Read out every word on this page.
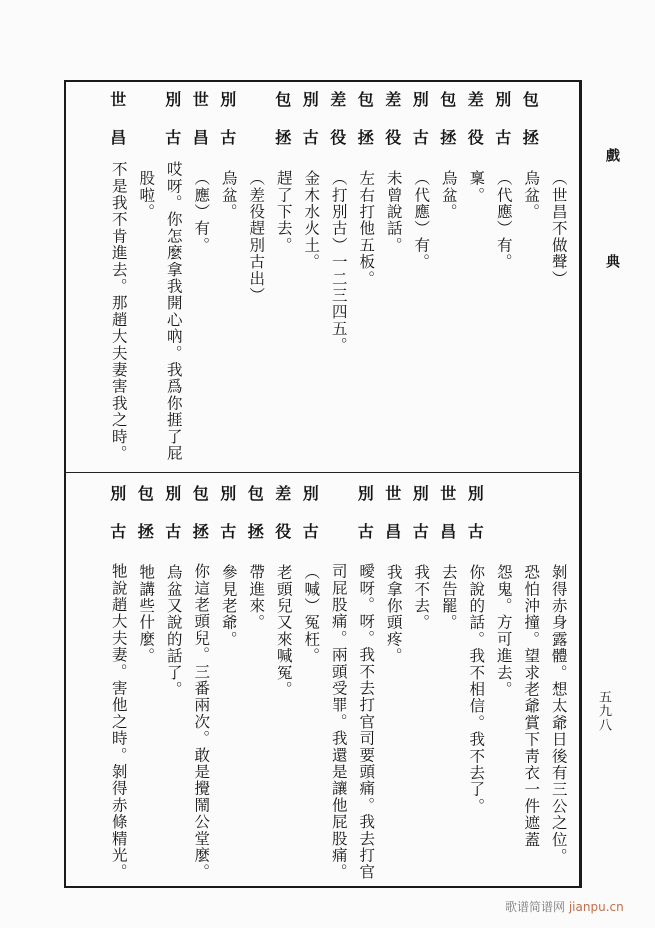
（世昌不做聲）
包
拯
烏盆。
別
古
（代應）有。
差
役
稟。
包
拯
烏盆。
別
古
（代應）有。
差
役
未曾說話。
包
拯
左右打他五板。
差
役
（打別古）一二三四五。
別
古
金木水火土。
包
拯
趕了下去。
（差役趕別古出）
別
古
烏盆。
世
昌
（應）有。
別
古
哎呀。你怎麼拿我開心吶。我爲你捱了屁
股啦。
世
昌
不是我不肯進去。那趙大夫妻害我之時。
剝得赤身露體。想太爺日後有三公之位。
恐怕沖撞。望求老爺賞下靑衣一件遮蓋
怨鬼。方可進去。
別
古
你說的話。我不相信。我不去了。
世
昌
去告罷。
別
古
我不去。
世
昌
我拿你頭疼。
別
古
曖呀。呀。我不去打官司要頭痛。我去打官
司屁股痛。兩頭受罪。我還是讓他屁股痛。
別
古
（喊）冤枉。
差
役
老頭兒又來喊冤。
包
拯
帶進來。
別
古
參見老爺。
包
拯
你這老頭兒。三番兩次。敢是攪鬧公堂麼。
別
古
烏盆又說的話了。
包
拯
牠講些什麼。
別
古
牠說趙大夫妻。害他之時。剝得赤條精光。
戲
典
五九八
歌谱简谱网 jianpu.cn
